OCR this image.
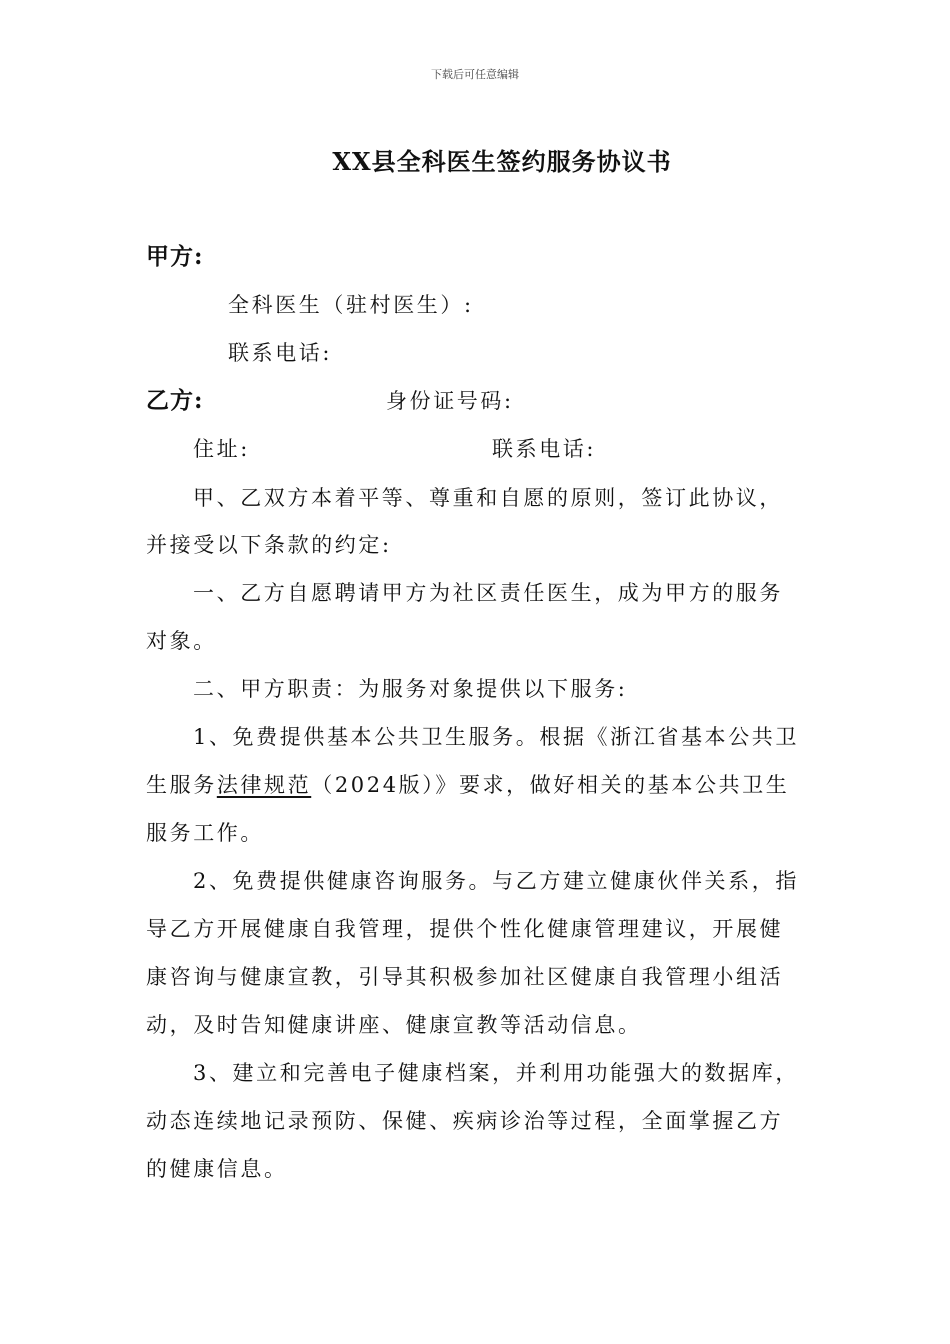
下载后可任意编辑
XX县全科医生签约服务协议书
甲方:
全科医生（驻村医生）:
联系电话:
乙方:	身份证号码:
住址:	联系电话:
甲、乙双方本着平等、尊重和自愿的原则，签订此协议，
并接受以下条款的约定:
一、乙方自愿聘请甲方为社区责任医生，成为甲方的服务
对象。
二、甲方职责：为服务对象提供以下服务:
1、免费提供基本公共卫生服务。根据《浙江省基本公共卫
生服务法律规范（2024版）》要求，做好相关的基本公共卫生
服务工作。
2、免费提供健康咨询服务。与乙方建立健康伙伴关系，指
导乙方开展健康自我管理，提供个性化健康管理建议，开展健
康咨询与健康宣教，引导其积极参加社区健康自我管理小组活
动，及时告知健康讲座、健康宣教等活动信息。
3、建立和完善电子健康档案，并利用功能强大的数据库，
动态连续地记录预防、保健、疾病诊治等过程，全面掌握乙方
的健康信息。
